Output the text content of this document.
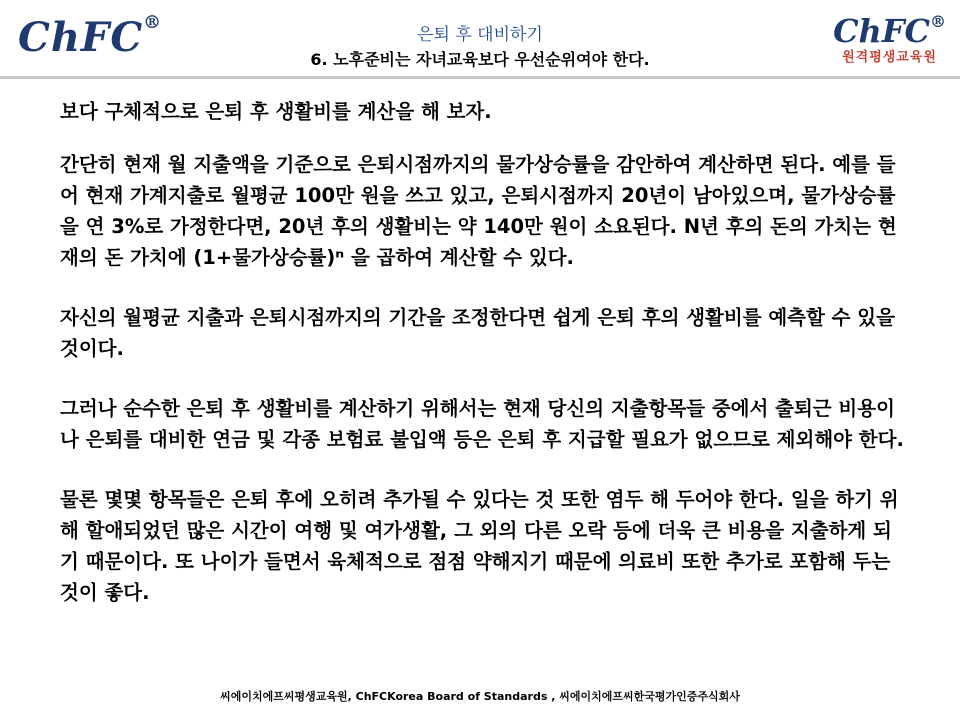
ChFC®
은퇴 후 대비하기
6. 노후준비는 자녀교육보다 우선순위여야 한다.
ChFC®
원격평생교육원

보다 구체적으로 은퇴 후 생활비를 계산을 해 보자.

간단히 현재 월 지출액을 기준으로 은퇴시점까지의 물가상승률을 감안하여 계산하면 된다. 예를 들어 현재 가계지출로 월평균 100만 원을 쓰고 있고, 은퇴시점까지 20년이 남아있으며, 물가상승률을 연 3%로 가정한다면, 20년 후의 생활비는 약 140만 원이 소요된다. N년 후의 돈의 가치는 현재의 돈 가치에 (1+물가상승률)ⁿ 을 곱하여 계산할 수 있다.

자신의 월평균 지출과 은퇴시점까지의 기간을 조정한다면 쉽게 은퇴 후의 생활비를 예측할 수 있을 것이다.

그러나 순수한 은퇴 후 생활비를 계산하기 위해서는 현재 당신의 지출항목들 중에서 출퇴근 비용이나 은퇴를 대비한 연금 및 각종 보험료 불입액 등은 은퇴 후 지급할 필요가 없으므로 제외해야 한다.

물론 몇몇 항목들은 은퇴 후에 오히려 추가될 수 있다는 것 또한 염두 해 두어야 한다. 일을 하기 위해 할애되었던 많은 시간이 여행 및 여가생활, 그 외의 다른 오락 등에 더욱 큰 비용을 지출하게 되기 때문이다. 또 나이가 들면서 육체적으로 점점 약해지기 때문에 의료비 또한 추가로 포함해 두는 것이 좋다.

씨에이치에프씨평생교육원, ChFCKorea Board of Standards , 씨에이치에프씨한국평가인증주식회사
